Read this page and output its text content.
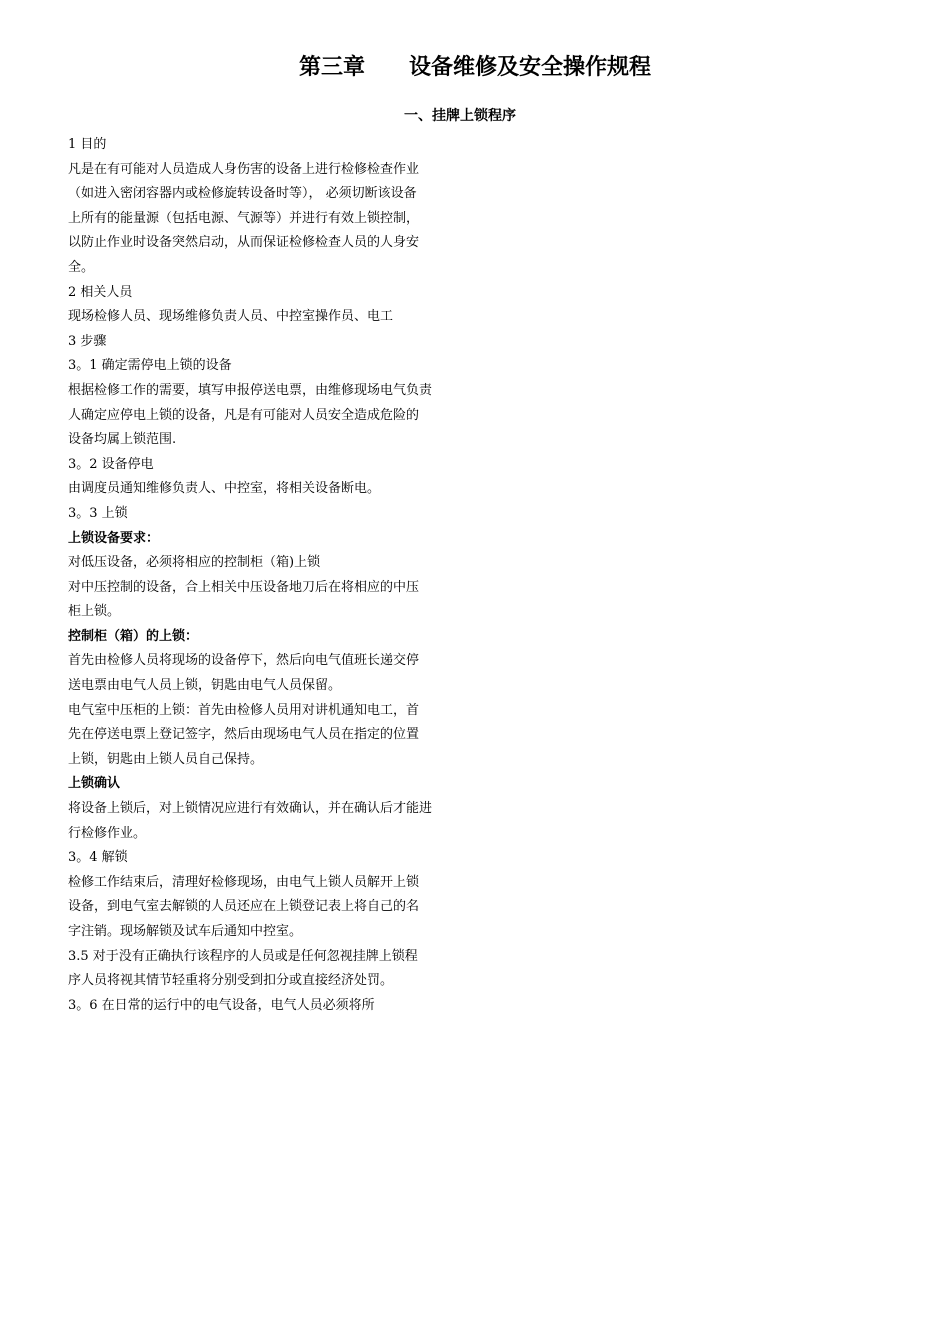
第三章　　设备维修及安全操作规程
一、挂牌上锁程序
1 目的
凡是在有可能对人员造成人身伤害的设备上进行检修检查作业
（如进入密闭容器内或检修旋转设备时等）， 必须切断该设备
上所有的能量源（包括电源、气源等）并进行有效上锁控制，
以防止作业时设备突然启动，从而保证检修检查人员的人身安
全。
2 相关人员
现场检修人员、现场维修负责人员、中控室操作员、电工
3 步骤
3。1 确定需停电上锁的设备
根据检修工作的需要，填写申报停送电票，由维修现场电气负责
人确定应停电上锁的设备，凡是有可能对人员安全造成危险的
设备均属上锁范围.
3。2 设备停电
由调度员通知维修负责人、中控室，将相关设备断电。
3。3 上锁
上锁设备要求：
对低压设备，必须将相应的控制柜（箱)上锁
对中压控制的设备，合上相关中压设备地刀后在将相应的中压
柜上锁。
控制柜（箱）的上锁：
首先由检修人员将现场的设备停下，然后向电气值班长递交停
送电票由电气人员上锁，钥匙由电气人员保留。
电气室中压柜的上锁：首先由检修人员用对讲机通知电工，首
先在停送电票上登记签字，然后由现场电气人员在指定的位置
上锁，钥匙由上锁人员自己保持。
上锁确认
将设备上锁后，对上锁情况应进行有效确认，并在确认后才能进
行检修作业。
3。4 解锁
检修工作结束后，清理好检修现场，由电气上锁人员解开上锁
设备，到电气室去解锁的人员还应在上锁登记表上将自己的名
字注销。现场解锁及试车后通知中控室。
3.5 对于没有正确执行该程序的人员或是任何忽视挂牌上锁程
序人员将视其情节轻重将分别受到扣分或直接经济处罚。
3。6 在日常的运行中的电气设备，电气人员必须将所
